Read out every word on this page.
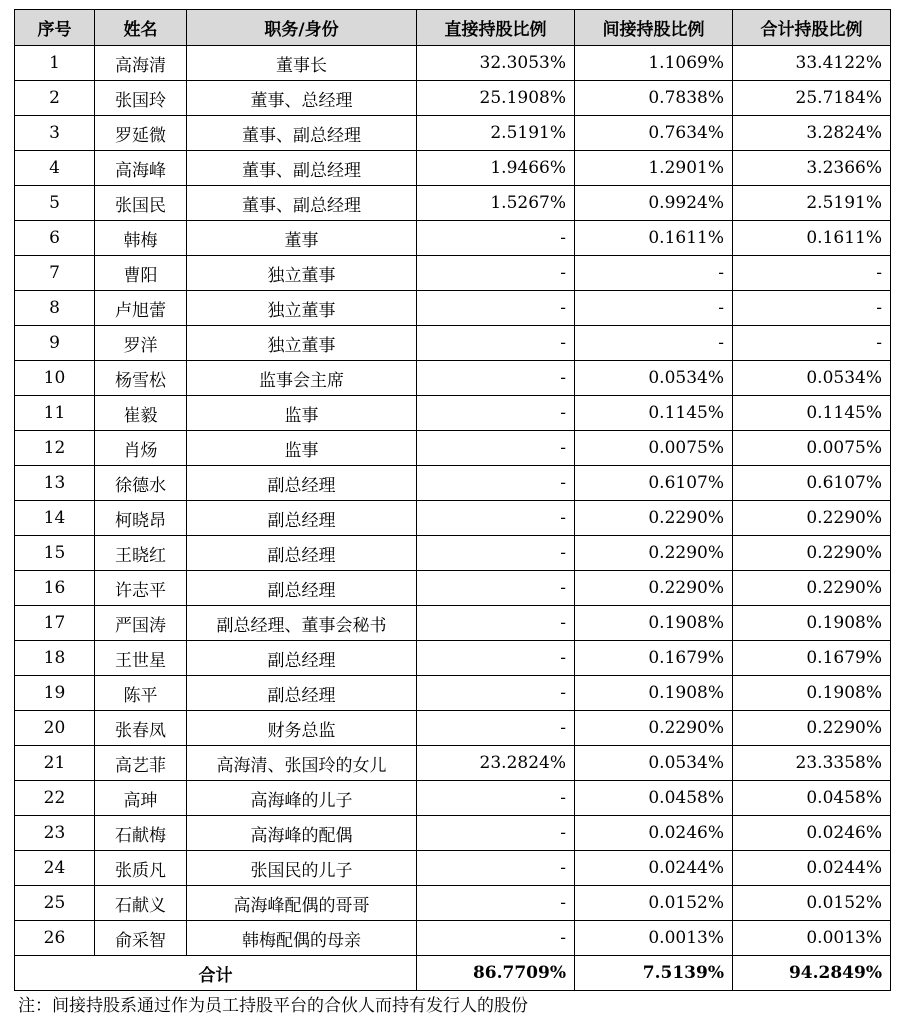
序号	姓名	职务/身份	直接持股比例	间接持股比例	合计持股比例
1	高海清	董事长	32.3053%	1.1069%	33.4122%
2	张国玲	董事、总经理	25.1908%	0.7838%	25.7184%
3	罗延微	董事、副总经理	2.5191%	0.7634%	3.2824%
4	高海峰	董事、副总经理	1.9466%	1.2901%	3.2366%
5	张国民	董事、副总经理	1.5267%	0.9924%	2.5191%
6	韩梅	董事	-	0.1611%	0.1611%
7	曹阳	独立董事	-	-	-
8	卢旭蕾	独立董事	-	-	-
9	罗洋	独立董事	-	-	-
10	杨雪松	监事会主席	-	0.0534%	0.0534%
11	崔毅	监事	-	0.1145%	0.1145%
12	肖炀	监事	-	0.0075%	0.0075%
13	徐德水	副总经理	-	0.6107%	0.6107%
14	柯晓昂	副总经理	-	0.2290%	0.2290%
15	王晓红	副总经理	-	0.2290%	0.2290%
16	许志平	副总经理	-	0.2290%	0.2290%
17	严国涛	副总经理、董事会秘书	-	0.1908%	0.1908%
18	王世星	副总经理	-	0.1679%	0.1679%
19	陈平	副总经理	-	0.1908%	0.1908%
20	张春凤	财务总监	-	0.2290%	0.2290%
21	高艺菲	高海清、张国玲的女儿	23.2824%	0.0534%	23.3358%
22	高珅	高海峰的儿子	-	0.0458%	0.0458%
23	石献梅	高海峰的配偶	-	0.0246%	0.0246%
24	张质凡	张国民的儿子	-	0.0244%	0.0244%
25	石献义	高海峰配偶的哥哥	-	0.0152%	0.0152%
26	俞采智	韩梅配偶的母亲	-	0.0013%	0.0013%
合计			86.7709%	7.5139%	94.2849%
注：间接持股系通过作为员工持股平台的合伙人而持有发行人的股份
